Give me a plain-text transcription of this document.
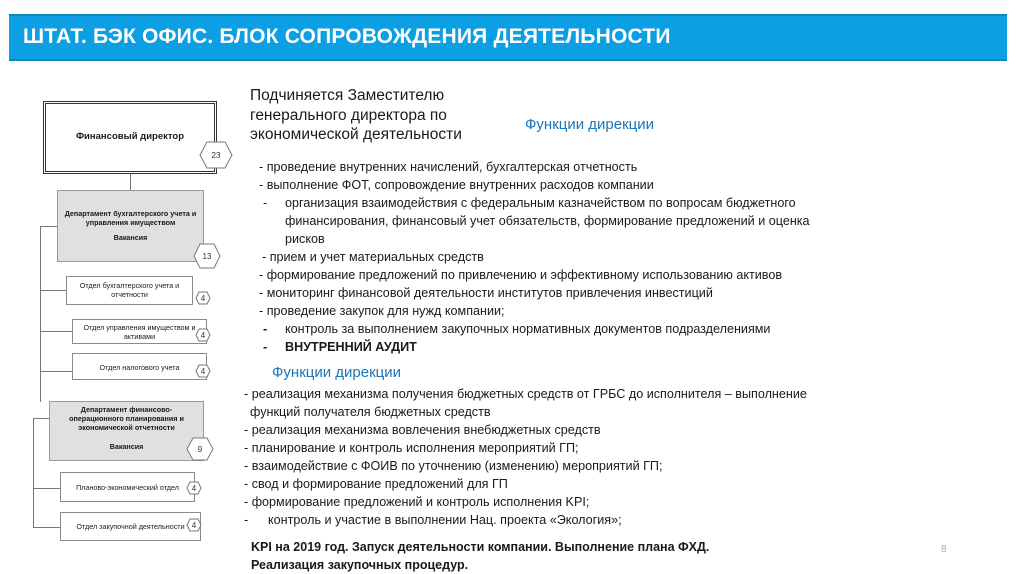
ШТАТ. БЭК ОФИС. БЛОК СОПРОВОЖДЕНИЯ ДЕЯТЕЛЬНОСТИ
Финансовый директор
23
Департамент бухгалтерского учета и управления имуществом
Вакансия
13
Отдел бухгалтерского учета и отчетности	4
Отдел управления имуществом и активами	4
Отдел налогового учета	4
Департамент финансово-операционного планирования и экономической отчетности
Вакансия	9
Планово-экономический отдел	4
Отдел закупочной деятельности 4
Подчиняется Заместителю
генерального директора по
экономической деятельности
Функции дирекции
- проведение внутренних начислений, бухгалтерская отчетность
- выполнение ФОТ, сопровождение внутренних расходов компании
- организация взаимодействия с федеральным казначейством по вопросам бюджетного
финансирования, финансовый учет обязательств, формирование предложений и оценка
рисков
- прием и учет материальных средств
- формирование предложений по привлечению и эффективному использованию активов
- мониторинг финансовой деятельности институтов привлечения инвестиций
- проведение закупок для нужд компании;
- контроль за выполнением закупочных нормативных документов подразделениями
- ВНУТРЕННИЙ АУДИТ
Функции дирекции
- реализация механизма получения бюджетных средств от ГРБС до исполнителя – выполнение
функций получателя бюджетных средств
- реализация механизма вовлечения внебюджетных средств
- планирование и контроль исполнения мероприятий ГП;
- взаимодействие с ФОИВ по уточнению (изменению) мероприятий ГП;
- свод и формирование предложений для ГП
- формирование предложений и контроль исполнения KPI;
- контроль и участие в выполнении Нац. проекта «Экология»;
KPI на 2019 год. Запуск деятельности компании. Выполнение плана ФХД.
Реализация закупочных процедур.
8
